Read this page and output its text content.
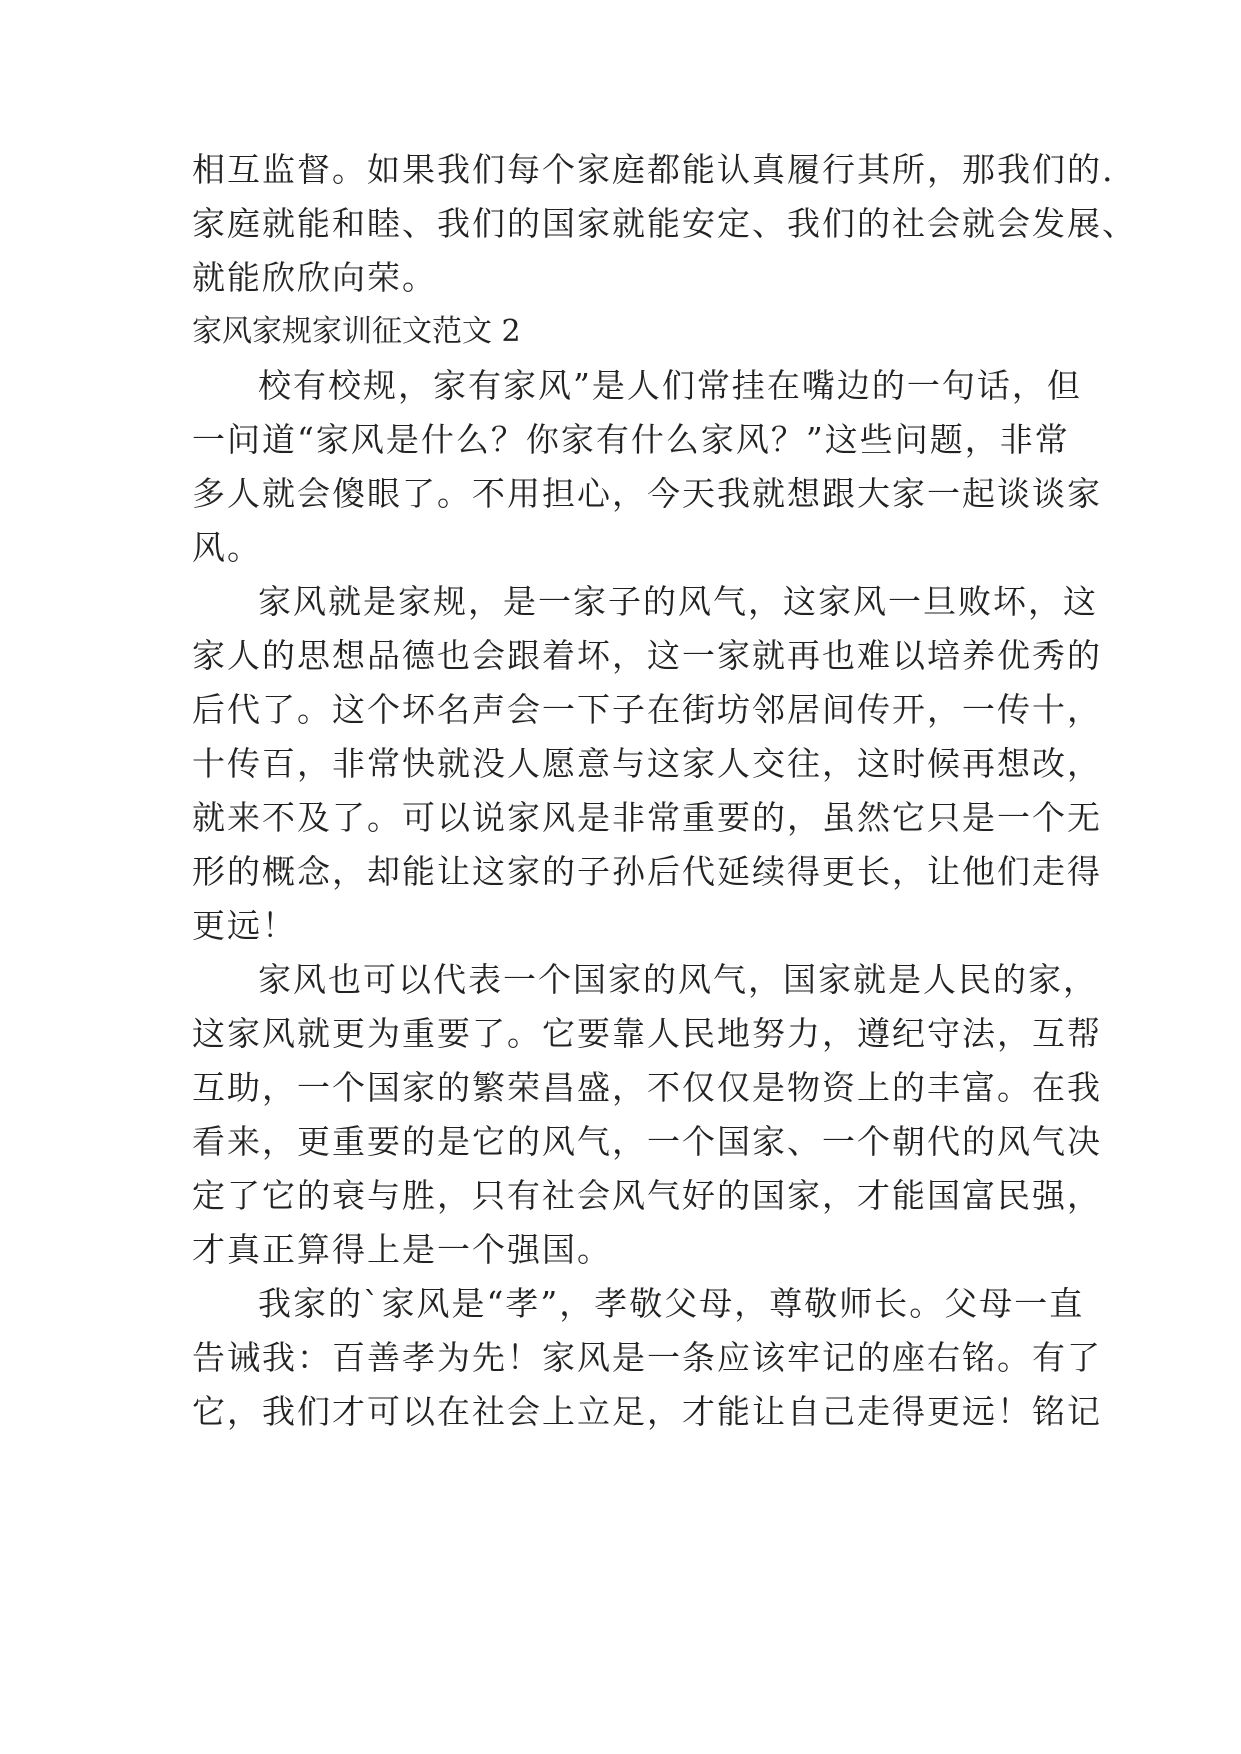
相互监督。如果我们每个家庭都能认真履行其所，那我们的.
家庭就能和睦、我们的国家就能安定、我们的社会就会发展、
就能欣欣向荣。
家风家规家训征文范文 2
校有校规，家有家风”是人们常挂在嘴边的一句话，但
一问道“家风是什么？你家有什么家风？”这些问题，非常
多人就会傻眼了。不用担心，今天我就想跟大家一起谈谈家
风。
家风就是家规，是一家子的风气，这家风一旦败坏，这
家人的思想品德也会跟着坏，这一家就再也难以培养优秀的
后代了。这个坏名声会一下子在街坊邻居间传开，一传十，
十传百，非常快就没人愿意与这家人交往，这时候再想改，
就来不及了。可以说家风是非常重要的，虽然它只是一个无
形的概念，却能让这家的子孙后代延续得更长，让他们走得
更远！
家风也可以代表一个国家的风气，国家就是人民的家，
这家风就更为重要了。它要靠人民地努力，遵纪守法，互帮
互助，一个国家的繁荣昌盛，不仅仅是物资上的丰富。在我
看来，更重要的是它的风气，一个国家、一个朝代的风气决
定了它的衰与胜，只有社会风气好的国家，才能国富民强，
才真正算得上是一个强国。
我家的`家风是“孝”，孝敬父母，尊敬师长。父母一直
告诫我：百善孝为先！家风是一条应该牢记的座右铭。有了
它，我们才可以在社会上立足，才能让自己走得更远！铭记
